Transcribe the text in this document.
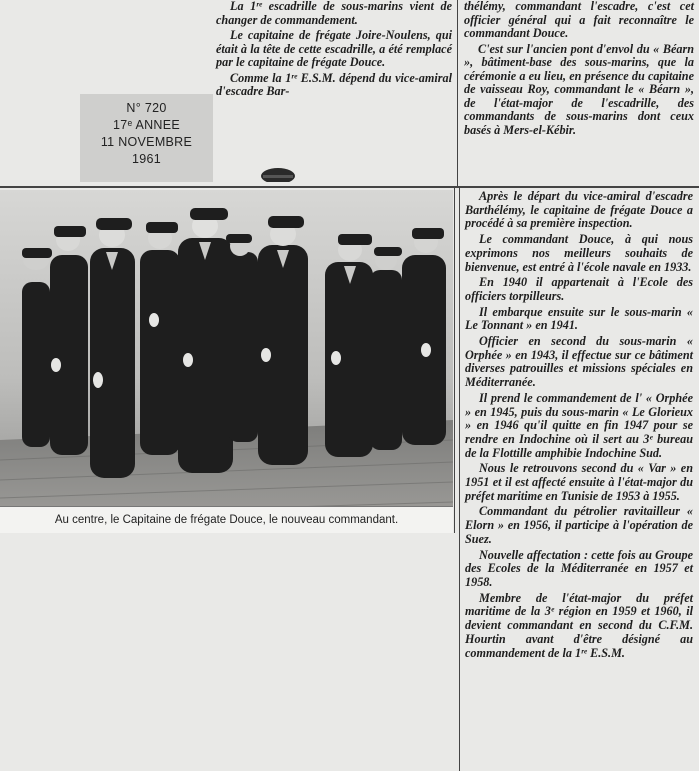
La 1ʳᵉ escadrille de sous-marins vient de changer de commandement.

Le capitaine de frégate Joire-Noulens, qui était à la tête de cette escadrille, a été remplacé par le capitaine de frégate Douce.

Comme la 1ʳᵉ E.S.M. dépend du vice-amiral d'escadre Bar-

thélémy, commandant l'escadre, c'est cet officier général qui a fait reconnaître le commandant Douce.

C'est sur l'ancien pont d'envol du « Béarn », bâtiment-base des sous-marins, que la cérémonie a eu lieu, en présence du capitaine de vaisseau Roy, commandant le « Béarn », de l'état-major de l'escadrille, des commandants de sous-marins dont ceux basés à Mers-el-Kébir.

N° 720
17ᵉ ANNEE
11 NOVEMBRE
1961
Au centre, le Capitaine de frégate Douce, le nouveau commandant.

Après le départ du vice-amiral d'escadre Barthélémy, le capitaine de frégate Douce a procédé à sa première inspection.

Le commandant Douce, à qui nous exprimons nos meilleurs souhaits de bienvenue, est entré à l'école navale en 1933.

En 1940 il appartenait à l'Ecole des officiers torpilleurs.

Il embarque ensuite sur le sous-marin « Le Tonnant » en 1941.

Officier en second du sous-marin « Orphée » en 1943, il effectue sur ce bâtiment diverses patrouilles et missions spéciales en Méditerranée.

Il prend le commandement de l' « Orphée » en 1945, puis du sous-marin « Le Glorieux » en 1946 qu'il quitte en fin 1947 pour se rendre en Indochine où il sert au 3ᵉ bureau de la Flottille amphibie Indochine Sud.

Nous le retrouvons second du « Var » en 1951 et il est affecté ensuite à l'état-major du préfet maritime en Tunisie de 1953 à 1955.

Commandant du pétrolier ravitailleur « Elorn » en 1956, il participe à l'opération de Suez.

Nouvelle affectation : cette fois au Groupe des Ecoles de la Méditerranée en 1957 et 1958.

Membre de l'état-major du préfet maritime de la 3ᵉ région en 1959 et 1960, il devient commandant en second du C.F.M. Hourtin avant d'être désigné au commandement de la 1ʳᵉ E.S.M.
